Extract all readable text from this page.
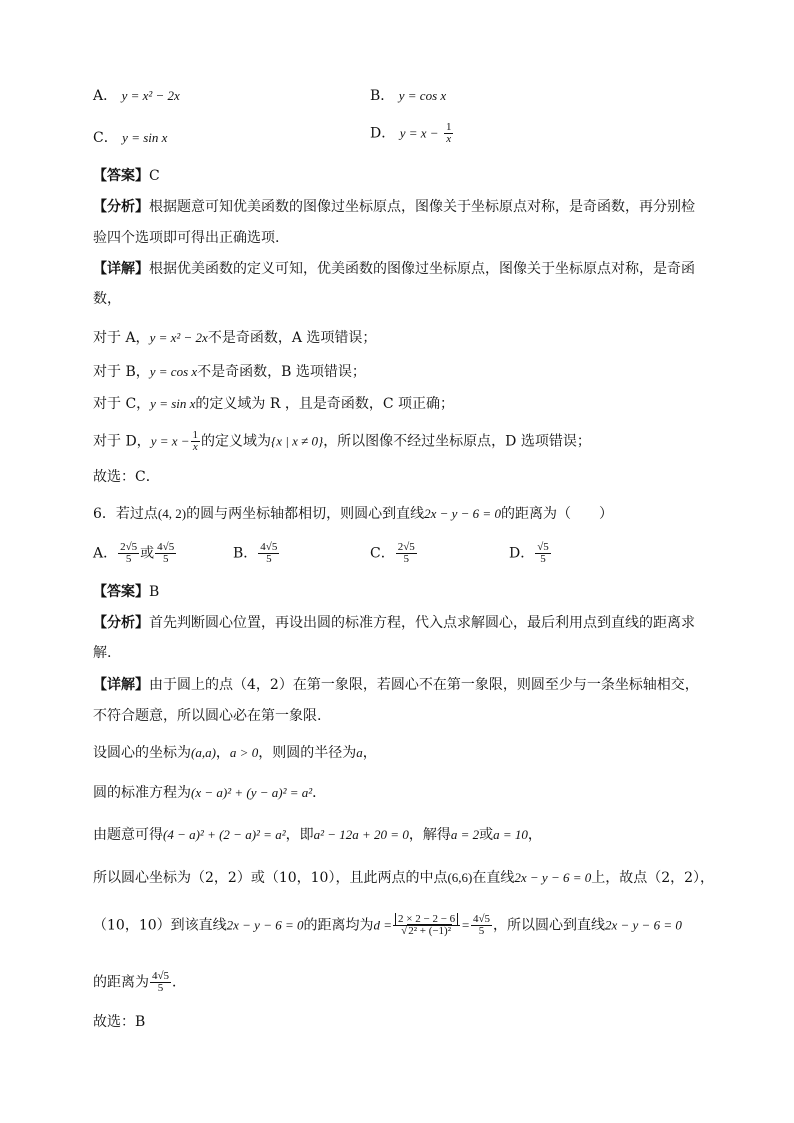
A． y = x² − 2x	B． y = cos x
C． y = sin x	D． $y = x - \frac{1}{x}$
【答案】C
【分析】根据题意可知优美函数的图像过坐标原点，图像关于坐标原点对称，是奇函数，再分别检
验四个选项即可得出正确选项.
【详解】根据优美函数的定义可知，优美函数的图像过坐标原点，图像关于坐标原点对称，是奇函
数，
对于 A，y = x² − 2x不是奇函数，A 选项错误；
对于 B，y = cos x不是奇函数，B 选项错误；
对于 C，y = sin x的定义域为 R ，且是奇函数，C 项正确；
对于 D，$y = x - \frac{1}{x}$ 的定义域为{x | x ≠ 0}，所以图像不经过坐标原点，D 选项错误；
故选：C．
6．若过点(4, 2)的圆与两坐标轴都相切，则圆心到直线2x − y − 6 = 0的距离为（　　）
A． $\frac{2√5}{5}$ 或 $\frac{4√5}{5}$	B． $\frac{4√5}{5}$	C． $\frac{2√5}{5}$	D． $\frac{√5}{5}$
【答案】B
【分析】首先判断圆心位置，再设出圆的标准方程，代入点求解圆心，最后利用点到直线的距离求
解.
【详解】由于圆上的点（4，2）在第一象限，若圆心不在第一象限，则圆至少与一条坐标轴相交，
不符合题意，所以圆心必在第一象限.
设圆心的坐标为(a,a)，a > 0，则圆的半径为a，
圆的标准方程为(x − a)² + (y − a)² = a²．
由题意可得(4 − a)² + (2 − a)² = a²，即a² − 12a + 20 = 0，解得a = 2或a = 10，
所以圆心坐标为（2，2）或（10，10），且此两点的中点(6,6)在直线2x − y − 6 = 0上，故点（2，2），
（10，10）到该直线2x − y − 6 = 0的距离均为$d = \frac{2 \times 2 - 2 - 6}{\text{√2² + (−1)²}} = \frac{4√5}{5}$ ，所以圆心到直线2x − y − 6 = 0
的距离为 $\frac{4√5}{5}$ ．
故选：B
